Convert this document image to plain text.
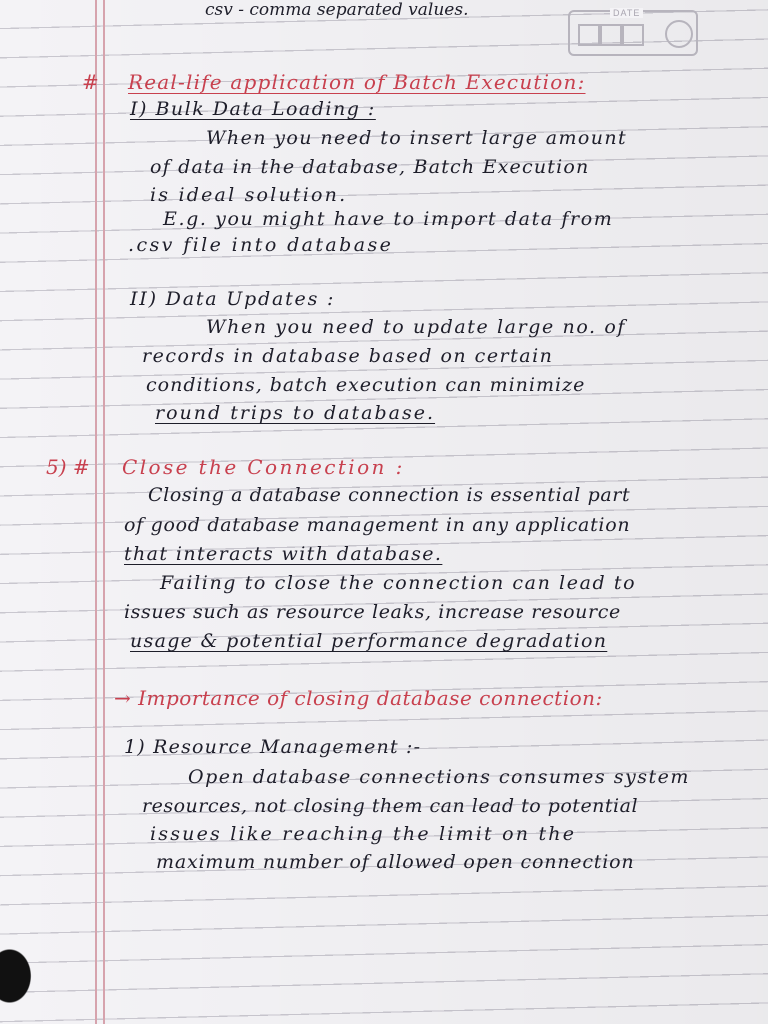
DATE
csv - comma separated values.
# Real-life application of Batch Execution:
I) Bulk Data Loading :
When you need to insert large amount
of data in the database, Batch Execution
is ideal solution.
E.g. you might have to import data from
.csv file into database
II) Data Updates :
When you need to update large no. of
records in database based on certain
conditions, batch execution can minimize
round trips to database.
5) # Close the Connection :
Closing a database connection is essential part
of good database management in any application
that interacts with database.
Failing to close the connection can lead to
issues such as resource leaks, increase resource
usage & potential performance degradation
→ Importance of closing database connection:
1) Resource Management :-
Open database connections consumes system
resources, not closing them can lead to potential
issues like reaching the limit on the
maximum number of allowed open connection
